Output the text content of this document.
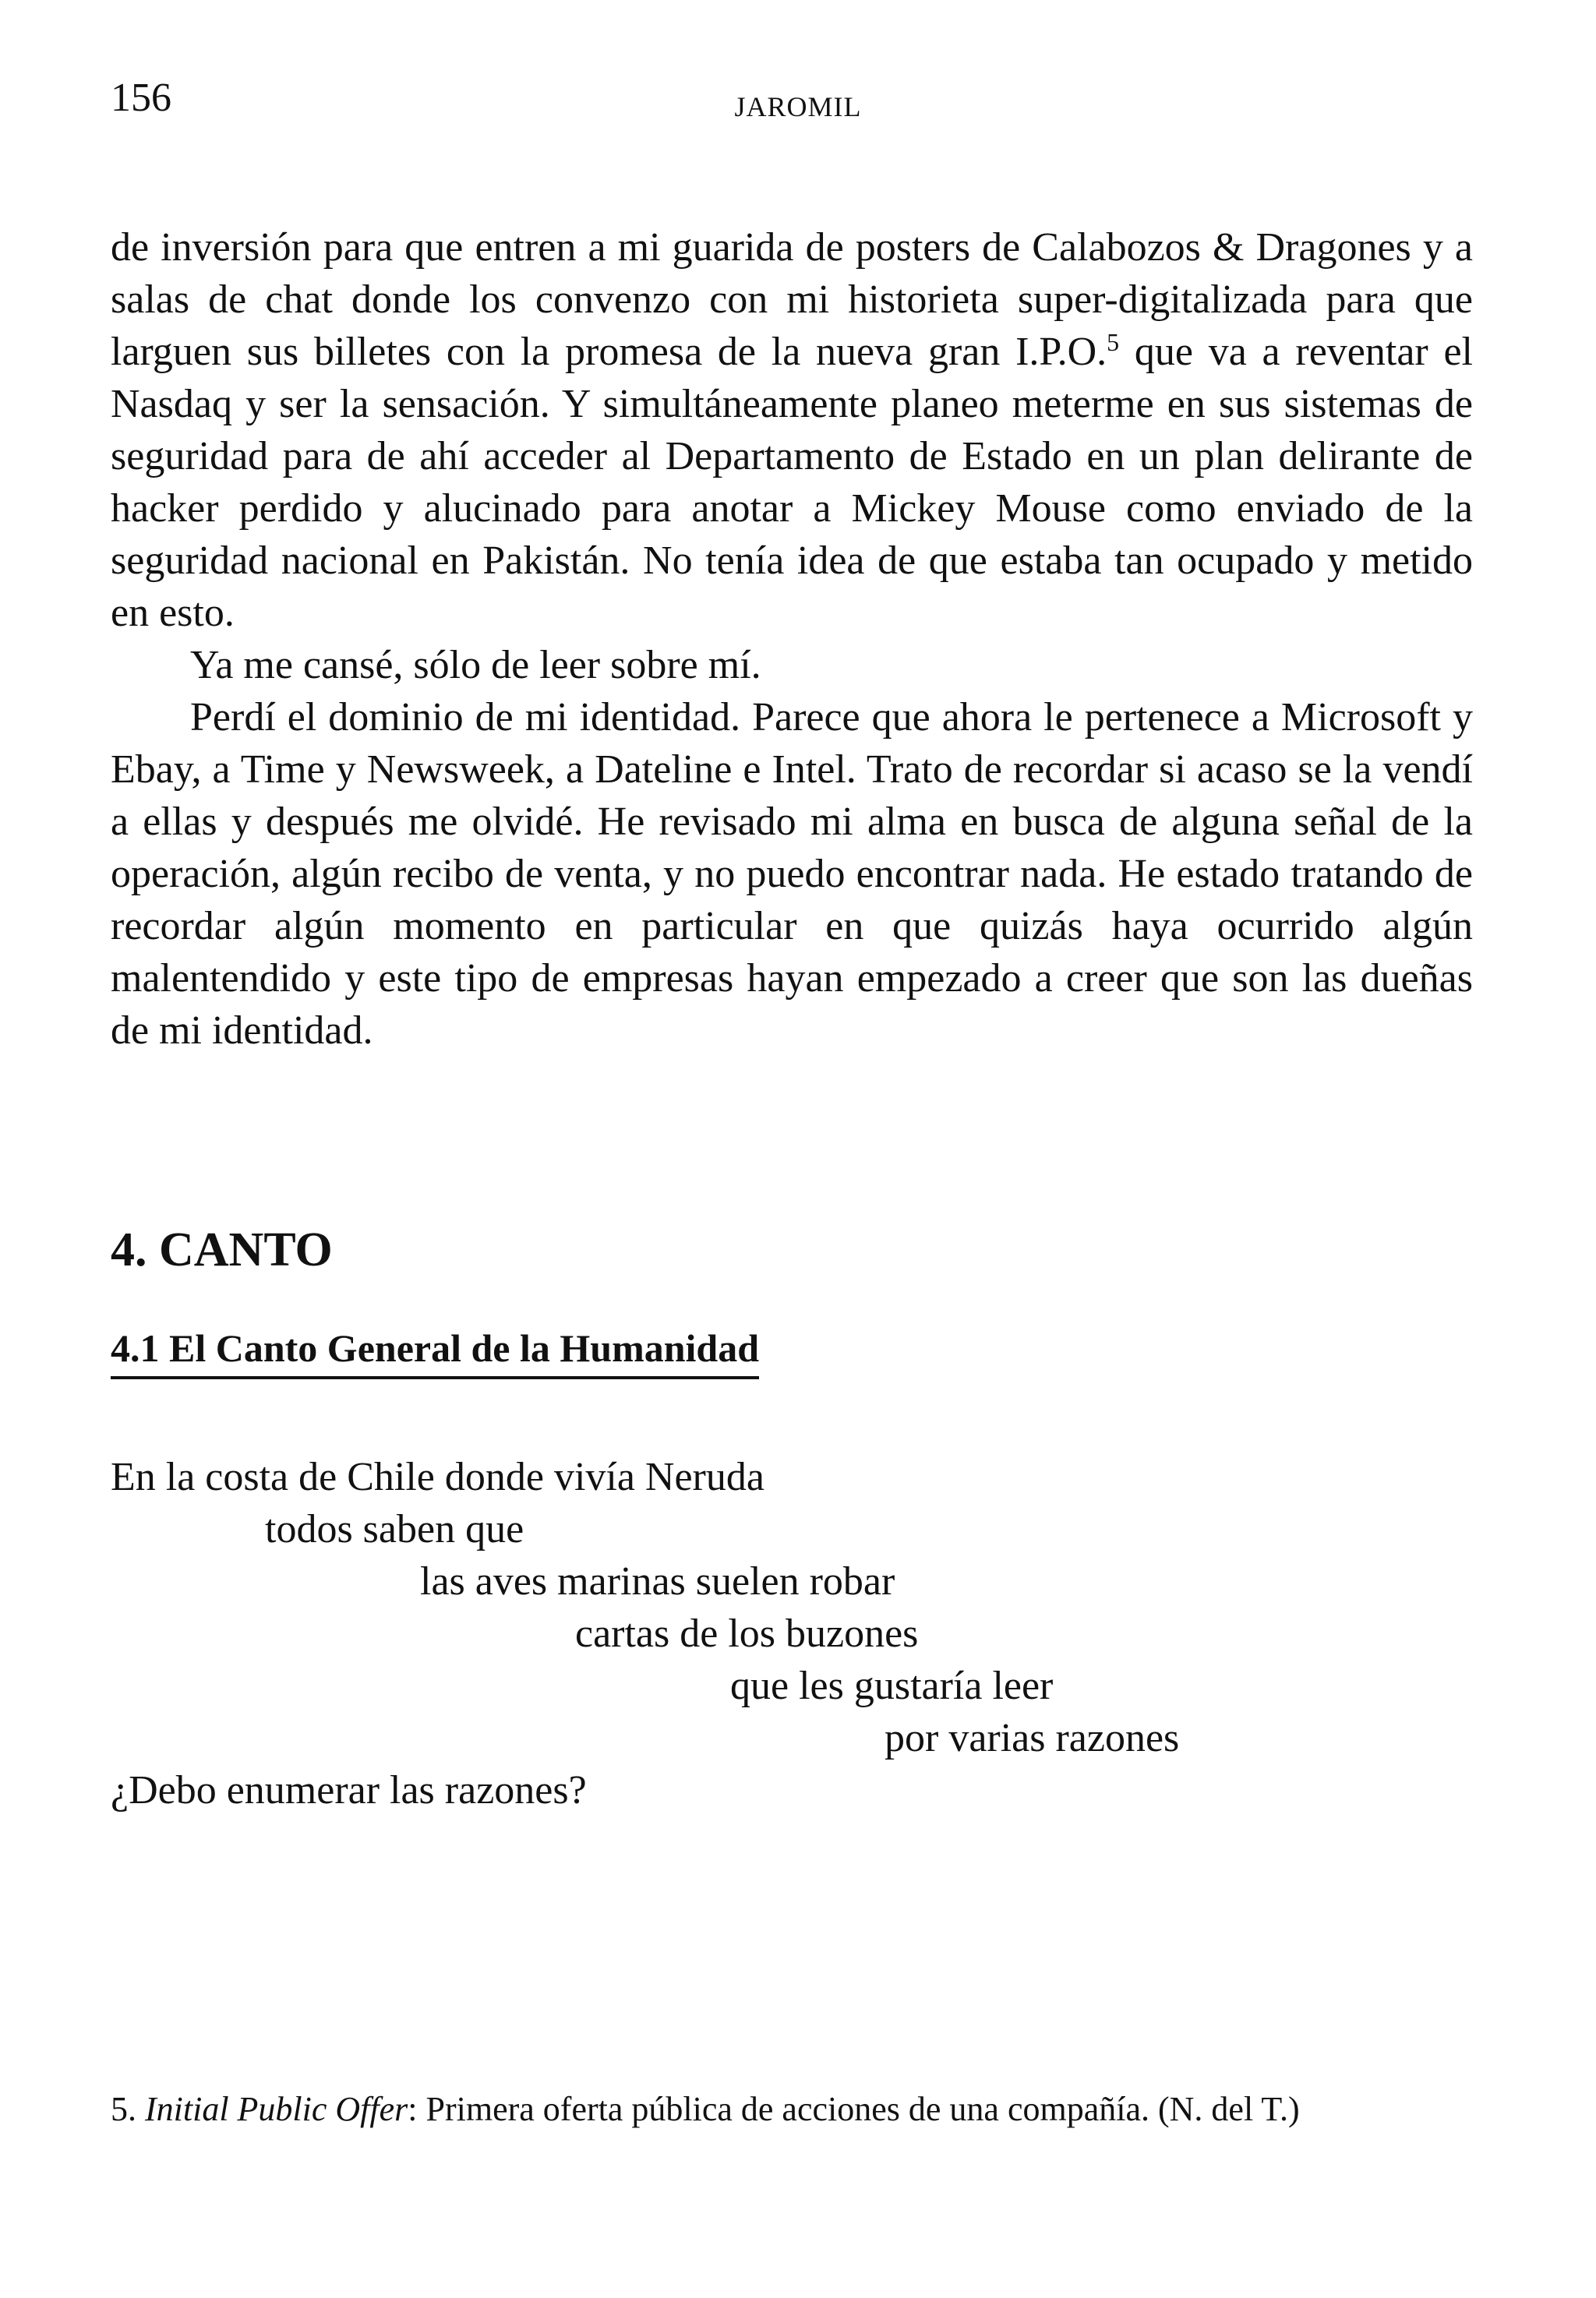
156	JAROMIL

de inversión para que entren a mi guarida de posters de Calabozos & Dragones y a salas de chat donde los convenzo con mi historieta super-digitalizada para que larguen sus billetes con la promesa de la nueva gran I.P.O.$^5$ que va a reventar el Nasdaq y ser la sensación. Y simultáneamente planeo meterme en sus sistemas de seguridad para de ahí acceder al Departamento de Estado en un plan delirante de hacker perdido y alucinado para anotar a Mickey Mouse como enviado de la seguridad nacional en Pakistán. No tenía idea de que estaba tan ocupado y metido en esto.

Ya me cansé, sólo de leer sobre mí.

Perdí el dominio de mi identidad. Parece que ahora le pertenece a Microsoft y Ebay, a Time y Newsweek, a Dateline e Intel. Trato de recordar si acaso se la vendí a ellas y después me olvidé. He revisado mi alma en busca de alguna señal de la operación, algún recibo de venta, y no puedo encontrar nada. He estado tratando de recordar algún momento en particular en que quizás haya ocurrido algún malentendido y este tipo de empresas hayan empezado a creer que son las dueñas de mi identidad.

4. CANTO
4.1 El Canto General de la Humanidad
En la costa de Chile donde vivía Neruda
todos saben que
las aves marinas suelen robar
cartas de los buzones
que les gustaría leer
por varias razones
¿Debo enumerar las razones?

5. Initial Public Offer: Primera oferta pública de acciones de una compañía. (N. del T.)
